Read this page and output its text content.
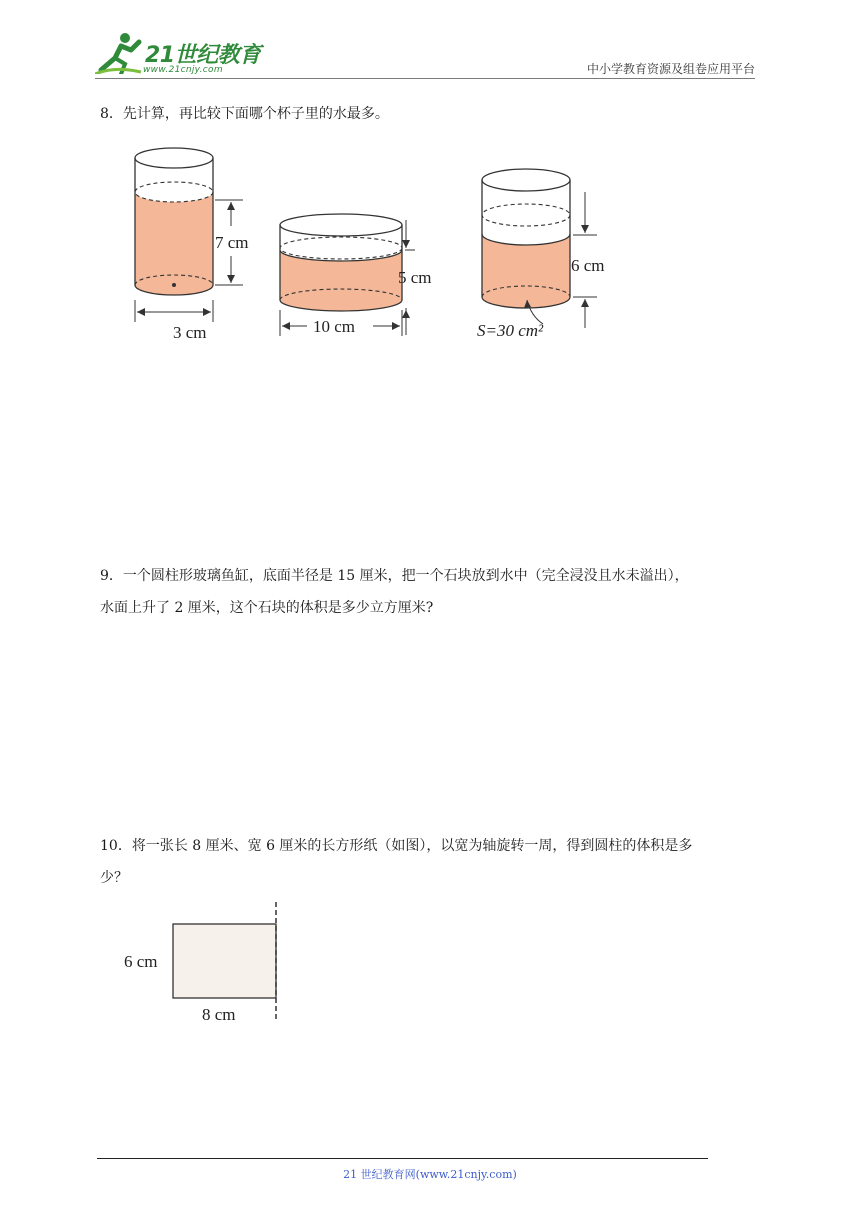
21世纪教育
www.21cnjy.com	中小学教育资源及组卷应用平台
8．先计算，再比较下面哪个杯子里的水最多。
7 cm
3 cm
5 cm
10 cm
6 cm
S=30 cm²
9．一个圆柱形玻璃鱼缸，底面半径是 15 厘米，把一个石块放到水中（完全浸没且水未溢出），
水面上升了 2 厘米，这个石块的体积是多少立方厘米?
10．将一张长 8 厘米、宽 6 厘米的长方形纸（如图），以宽为轴旋转一周，得到圆柱的体积是多
少？
6 cm
8 cm
21 世纪教育网(www.21cnjy.com)
